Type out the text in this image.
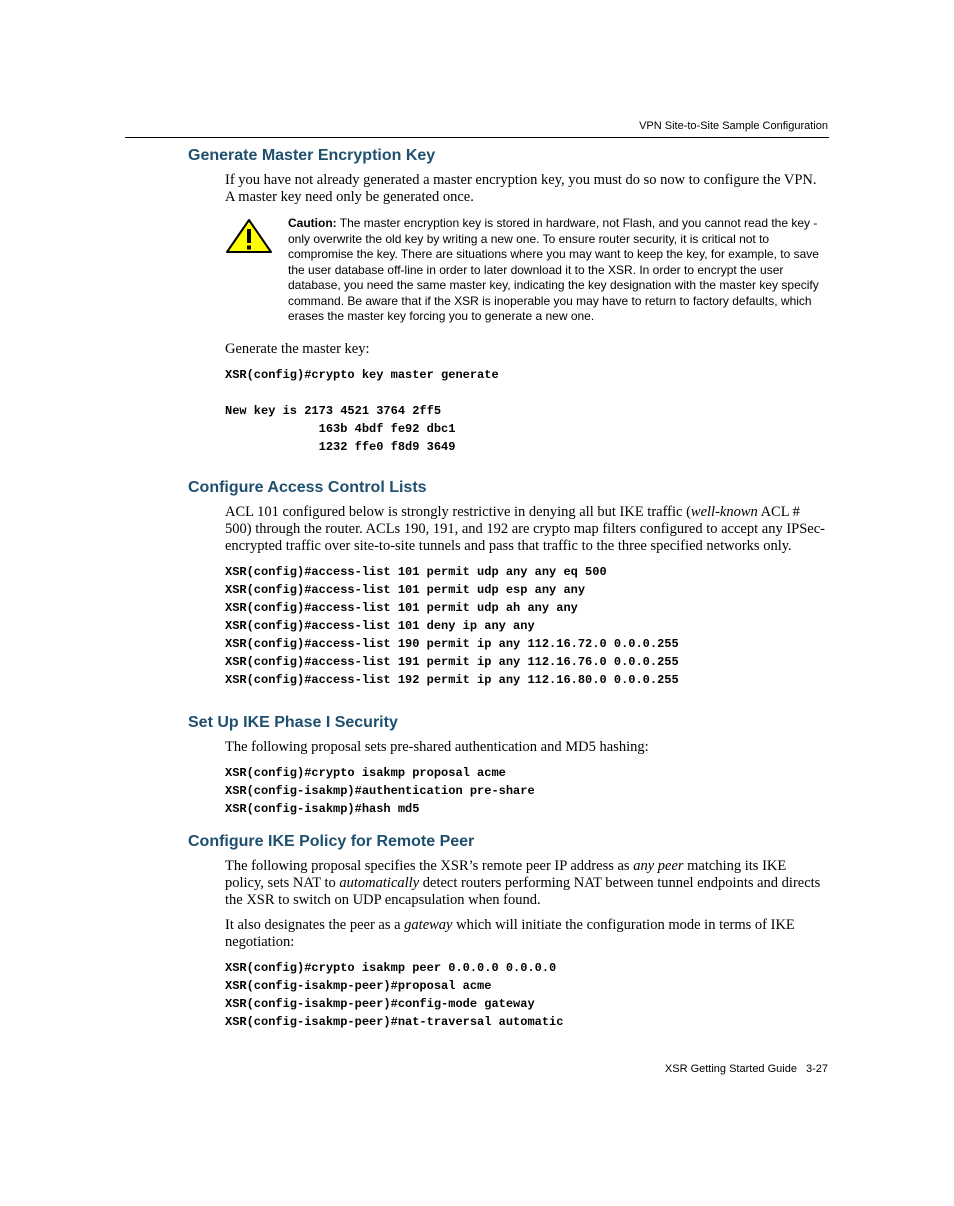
VPN Site-to-Site Sample Configuration
Generate Master Encryption Key

If you have not already generated a master encryption key, you must do so now to configure the VPN. A master key need only be generated once.

Caution: The master encryption key is stored in hardware, not Flash, and you cannot read the key - only overwrite the old key by writing a new one. To ensure router security, it is critical not to compromise the key. There are situations where you may want to keep the key, for example, to save the user database off-line in order to later download it to the XSR. In order to encrypt the user database, you need the same master key, indicating the key designation with the master key specify command. Be aware that if the XSR is inoperable you may have to return to factory defaults, which erases the master key forcing you to generate a new one.

Generate the master key:

XSR(config)#crypto key master generate
New key is 2173 4521 3764 2ff5
163b 4bdf fe92 dbc1
1232 ffe0 f8d9 3649
Configure Access Control Lists

ACL 101 configured below is strongly restrictive in denying all but IKE traffic (well-known ACL # 500) through the router. ACLs 190, 191, and 192 are crypto map filters configured to accept any IPSec-encrypted traffic over site-to-site tunnels and pass that traffic to the three specified networks only.

XSR(config)#access-list 101 permit udp any any eq 500
XSR(config)#access-list 101 permit udp esp any any
XSR(config)#access-list 101 permit udp ah any any
XSR(config)#access-list 101 deny ip any any
XSR(config)#access-list 190 permit ip any 112.16.72.0 0.0.0.255
XSR(config)#access-list 191 permit ip any 112.16.76.0 0.0.0.255
XSR(config)#access-list 192 permit ip any 112.16.80.0 0.0.0.255
Set Up IKE Phase I Security

The following proposal sets pre-shared authentication and MD5 hashing:

XSR(config)#crypto isakmp proposal acme
XSR(config-isakmp)#authentication pre-share
XSR(config-isakmp)#hash md5
Configure IKE Policy for Remote Peer

The following proposal specifies the XSR’s remote peer IP address as any peer matching its IKE policy, sets NAT to automatically detect routers performing NAT between tunnel endpoints and directs the XSR to switch on UDP encapsulation when found.

It also designates the peer as a gateway which will initiate the configuration mode in terms of IKE negotiation:

XSR(config)#crypto isakmp peer 0.0.0.0 0.0.0.0
XSR(config-isakmp-peer)#proposal acme
XSR(config-isakmp-peer)#config-mode gateway
XSR(config-isakmp-peer)#nat-traversal automatic
XSR Getting Started Guide 3-27
